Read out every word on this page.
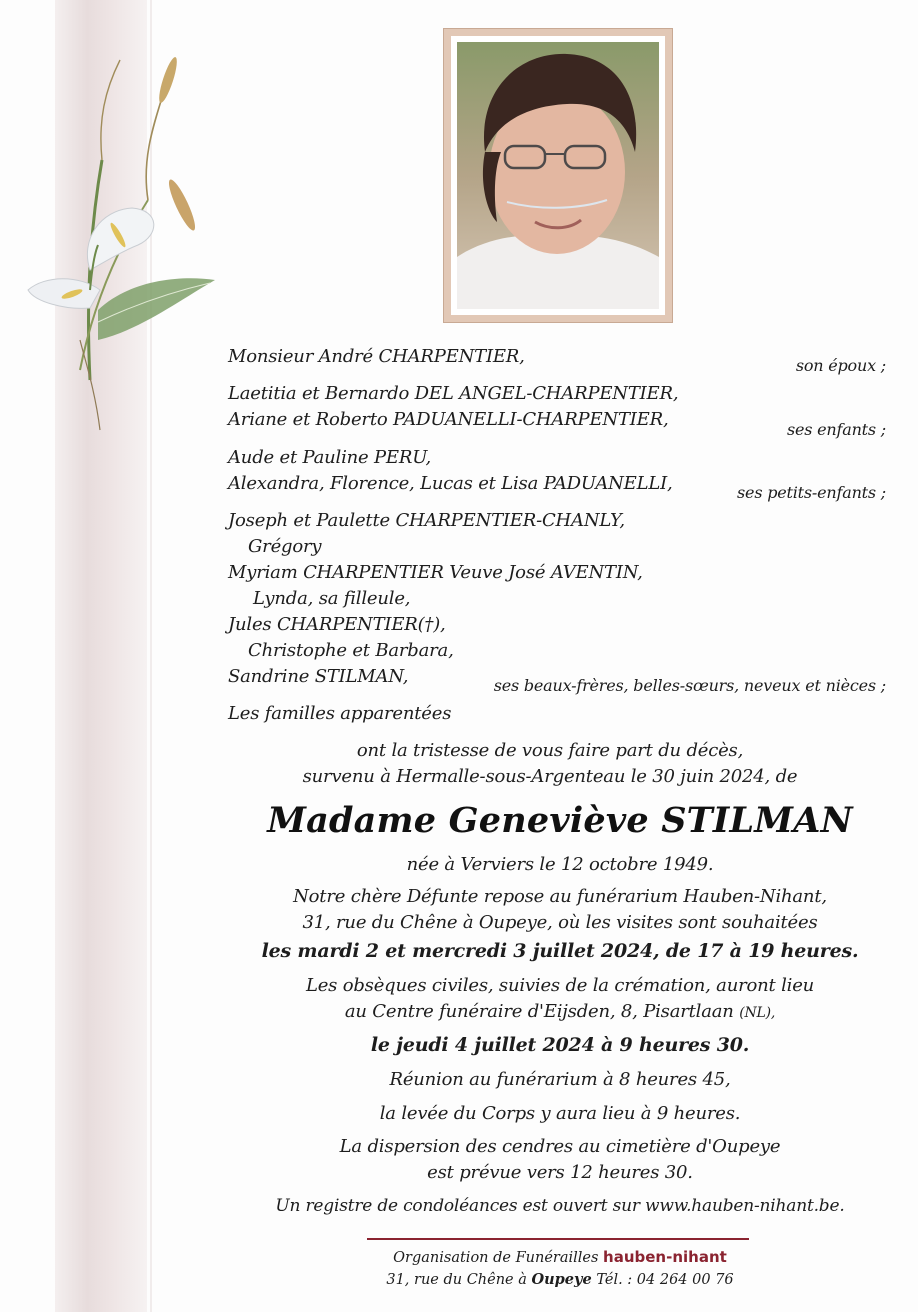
Monsieur André CHARPENTIER,
Laetitia et Bernardo DEL ANGEL-CHARPENTIER,
Ariane et Roberto PADUANELLI-CHARPENTIER,
Aude et Pauline PERU,
Alexandra, Florence, Lucas et Lisa PADUANELLI,
Joseph et Paulette CHARPENTIER-CHANLY,
Grégory
Myriam CHARPENTIER Veuve José AVENTIN,
Lynda, sa filleule,
Jules CHARPENTIER(†),
Christophe et Barbara,
Sandrine STILMAN,
Les familles apparentées
son époux ;
ses enfants ;
ses petits-enfants ;
ses beaux-frères, belles-sœurs, neveux et nièces ;
ont la tristesse de vous faire part du décès,
survenu à Hermalle-sous-Argenteau le 30 juin 2024, de
Madame Geneviève STILMAN
née à Verviers le 12 octobre 1949.
Notre chère Défunte repose au funérarium Hauben-Nihant,
31, rue du Chêne à Oupeye, où les visites sont souhaitées
les mardi 2 et mercredi 3 juillet 2024, de 17 à 19 heures.
Les obsèques civiles, suivies de la crémation, auront lieu
au Centre funéraire d'Eijsden, 8, Pisartlaan (NL),
le jeudi 4 juillet 2024 à 9 heures 30.
Réunion au funérarium à 8 heures 45,
la levée du Corps y aura lieu à 9 heures.
La dispersion des cendres au cimetière d'Oupeye
est prévue vers 12 heures 30.
Un registre de condoléances est ouvert sur www.hauben-nihant.be.
Organisation de Funérailles hauben-nihant
31, rue du Chêne à Oupeye Tél. : 04 264 00 76
